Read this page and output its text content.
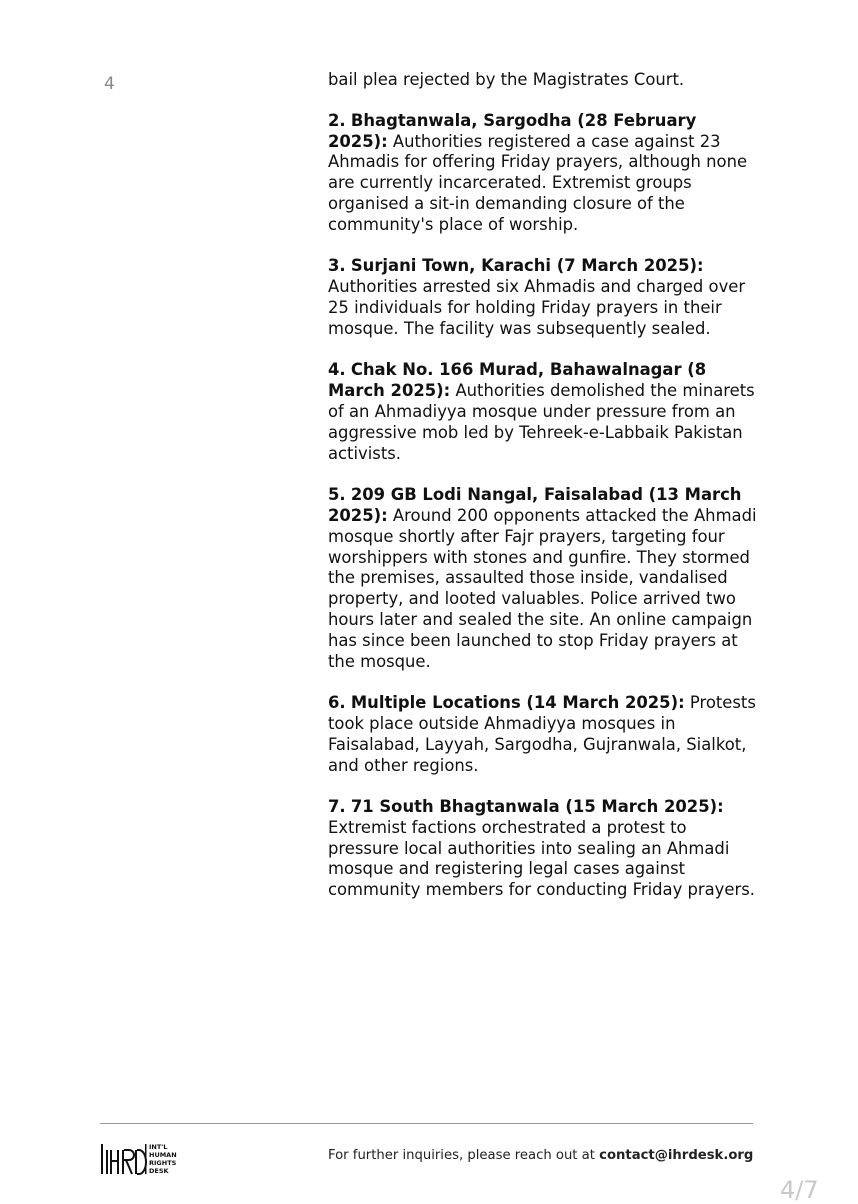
4	bail plea rejected by the Magistrates Court.

2. Bhagtanwala, Sargodha (28 February 2025): Authorities registered a case against 23 Ahmadis for offering Friday prayers, although none are currently incarcerated. Extremist groups organised a sit-in demanding closure of the community's place of worship.

3. Surjani Town, Karachi (7 March 2025): Authorities arrested six Ahmadis and charged over 25 individuals for holding Friday prayers in their mosque. The facility was subsequently sealed.

4. Chak No. 166 Murad, Bahawalnagar (8 March 2025): Authorities demolished the minarets of an Ahmadiyya mosque under pressure from an aggressive mob led by Tehreek-e-Labbaik Pakistan activists.

5. 209 GB Lodi Nangal, Faisalabad (13 March 2025): Around 200 opponents attacked the Ahmadi mosque shortly after Fajr prayers, targeting four worshippers with stones and gunfire. They stormed the premises, assaulted those inside, vandalised property, and looted valuables. Police arrived two hours later and sealed the site. An online campaign has since been launched to stop Friday prayers at the mosque.

6. Multiple Locations (14 March 2025): Protests took place outside Ahmadiyya mosques in Faisalabad, Layyah, Sargodha, Gujranwala, Sialkot, and other regions.

7. 71 South Bhagtanwala (15 March 2025): Extremist factions orchestrated a protest to pressure local authorities into sealing an Ahmadi mosque and registering legal cases against community members for conducting Friday prayers.

INT'L
HUMAN
RIGHTS
DESK
For further inquiries, please reach out at contact@ihrdesk.org
4/7
